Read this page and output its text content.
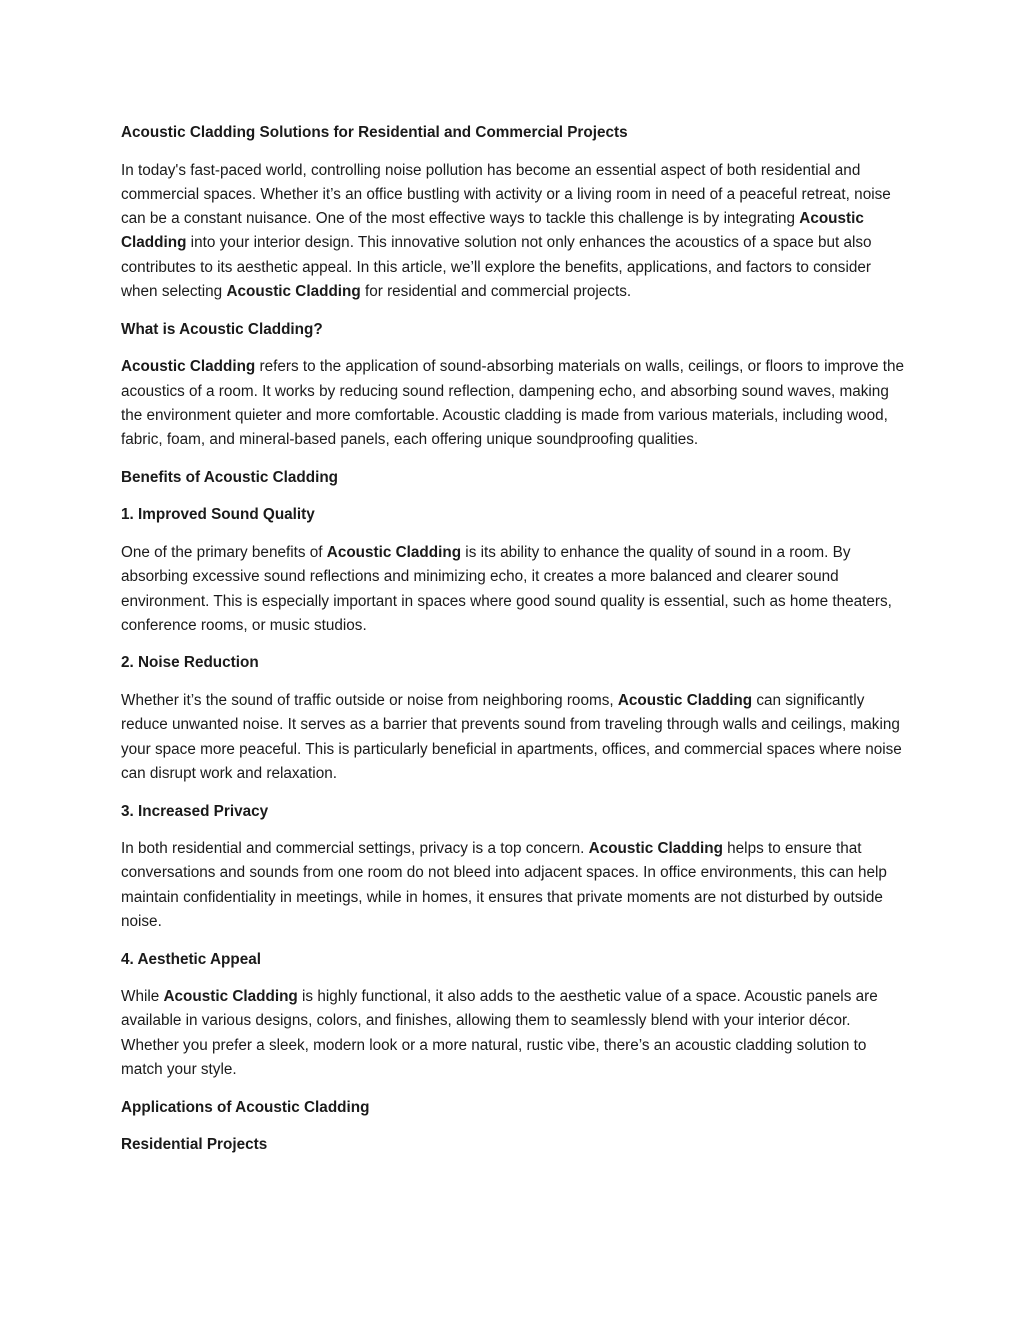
Acoustic Cladding Solutions for Residential and Commercial Projects

In today's fast-paced world, controlling noise pollution has become an essential aspect of both residential and commercial spaces. Whether it’s an office bustling with activity or a living room in need of a peaceful retreat, noise can be a constant nuisance. One of the most effective ways to tackle this challenge is by integrating Acoustic Cladding into your interior design. This innovative solution not only enhances the acoustics of a space but also contributes to its aesthetic appeal. In this article, we’ll explore the benefits, applications, and factors to consider when selecting Acoustic Cladding for residential and commercial projects.

What is Acoustic Cladding?

Acoustic Cladding refers to the application of sound-absorbing materials on walls, ceilings, or floors to improve the acoustics of a room. It works by reducing sound reflection, dampening echo, and absorbing sound waves, making the environment quieter and more comfortable. Acoustic cladding is made from various materials, including wood, fabric, foam, and mineral-based panels, each offering unique soundproofing qualities.

Benefits of Acoustic Cladding
1. Improved Sound Quality

One of the primary benefits of Acoustic Cladding is its ability to enhance the quality of sound in a room. By absorbing excessive sound reflections and minimizing echo, it creates a more balanced and clearer sound environment. This is especially important in spaces where good sound quality is essential, such as home theaters, conference rooms, or music studios.

2. Noise Reduction

Whether it’s the sound of traffic outside or noise from neighboring rooms, Acoustic Cladding can significantly reduce unwanted noise. It serves as a barrier that prevents sound from traveling through walls and ceilings, making your space more peaceful. This is particularly beneficial in apartments, offices, and commercial spaces where noise can disrupt work and relaxation.

3. Increased Privacy

In both residential and commercial settings, privacy is a top concern. Acoustic Cladding helps to ensure that conversations and sounds from one room do not bleed into adjacent spaces. In office environments, this can help maintain confidentiality in meetings, while in homes, it ensures that private moments are not disturbed by outside noise.

4. Aesthetic Appeal

While Acoustic Cladding is highly functional, it also adds to the aesthetic value of a space. Acoustic panels are available in various designs, colors, and finishes, allowing them to seamlessly blend with your interior décor. Whether you prefer a sleek, modern look or a more natural, rustic vibe, there’s an acoustic cladding solution to match your style.

Applications of Acoustic Cladding
Residential Projects
